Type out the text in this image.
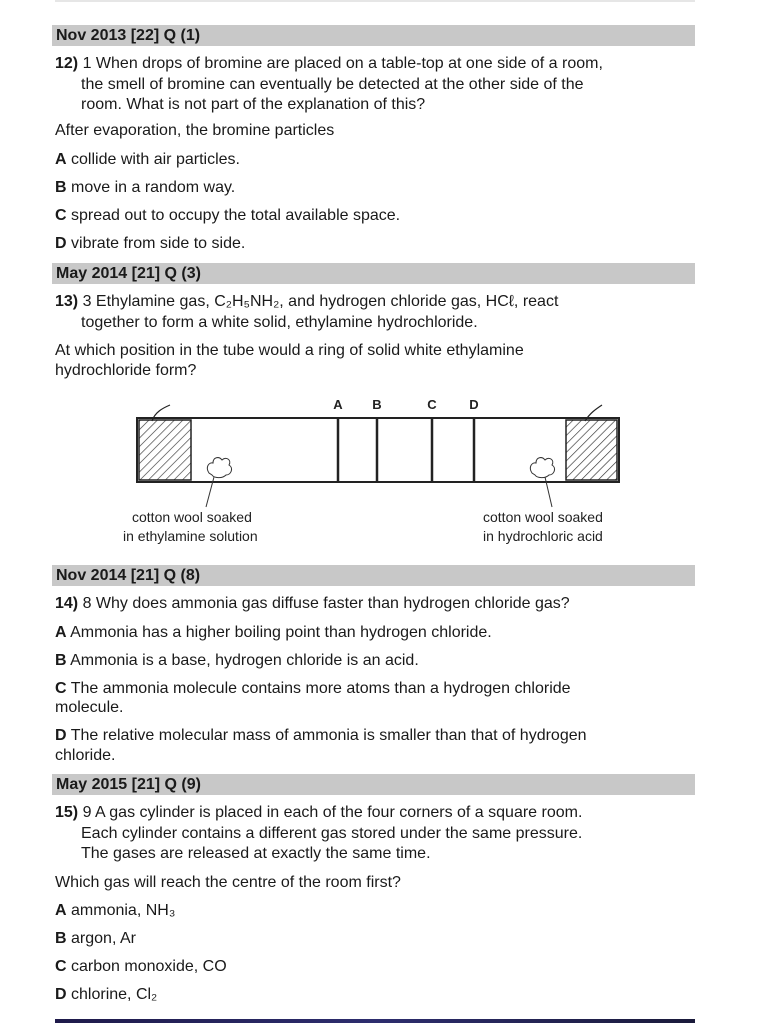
Nov 2013 [22] Q (1)
12) 1 When drops of bromine are placed on a table-top at one side of a room,
the smell of bromine can eventually be detected at the other side of the
room. What is not part of the explanation of this?
After evaporation, the bromine particles
A collide with air particles.
B move in a random way.
C spread out to occupy the total available space.
D vibrate from side to side.
May 2014 [21] Q (3)
13) 3 Ethylamine gas, C₂H₅NH₂, and hydrogen chloride gas, HCℓ, react
together to form a white solid, ethylamine hydrochloride.
At which position in the tube would a ring of solid white ethylamine
hydrochloride form?
A B	C	D
cotton wool soaked
in ethylamine solution
cotton wool soaked
in hydrochloric acid
Nov 2014 [21] Q (8)
14) 8 Why does ammonia gas diffuse faster than hydrogen chloride gas?
A Ammonia has a higher boiling point than hydrogen chloride.
B Ammonia is a base, hydrogen chloride is an acid.
C The ammonia molecule contains more atoms than a hydrogen chloride
molecule.
D The relative molecular mass of ammonia is smaller than that of hydrogen
chloride.
May 2015 [21] Q (9)
15) 9 A gas cylinder is placed in each of the four corners of a square room.
Each cylinder contains a different gas stored under the same pressure.
The gases are released at exactly the same time.
Which gas will reach the centre of the room first?
A ammonia, NH₃
B argon, Ar
C carbon monoxide, CO
D chlorine, Cl₂
